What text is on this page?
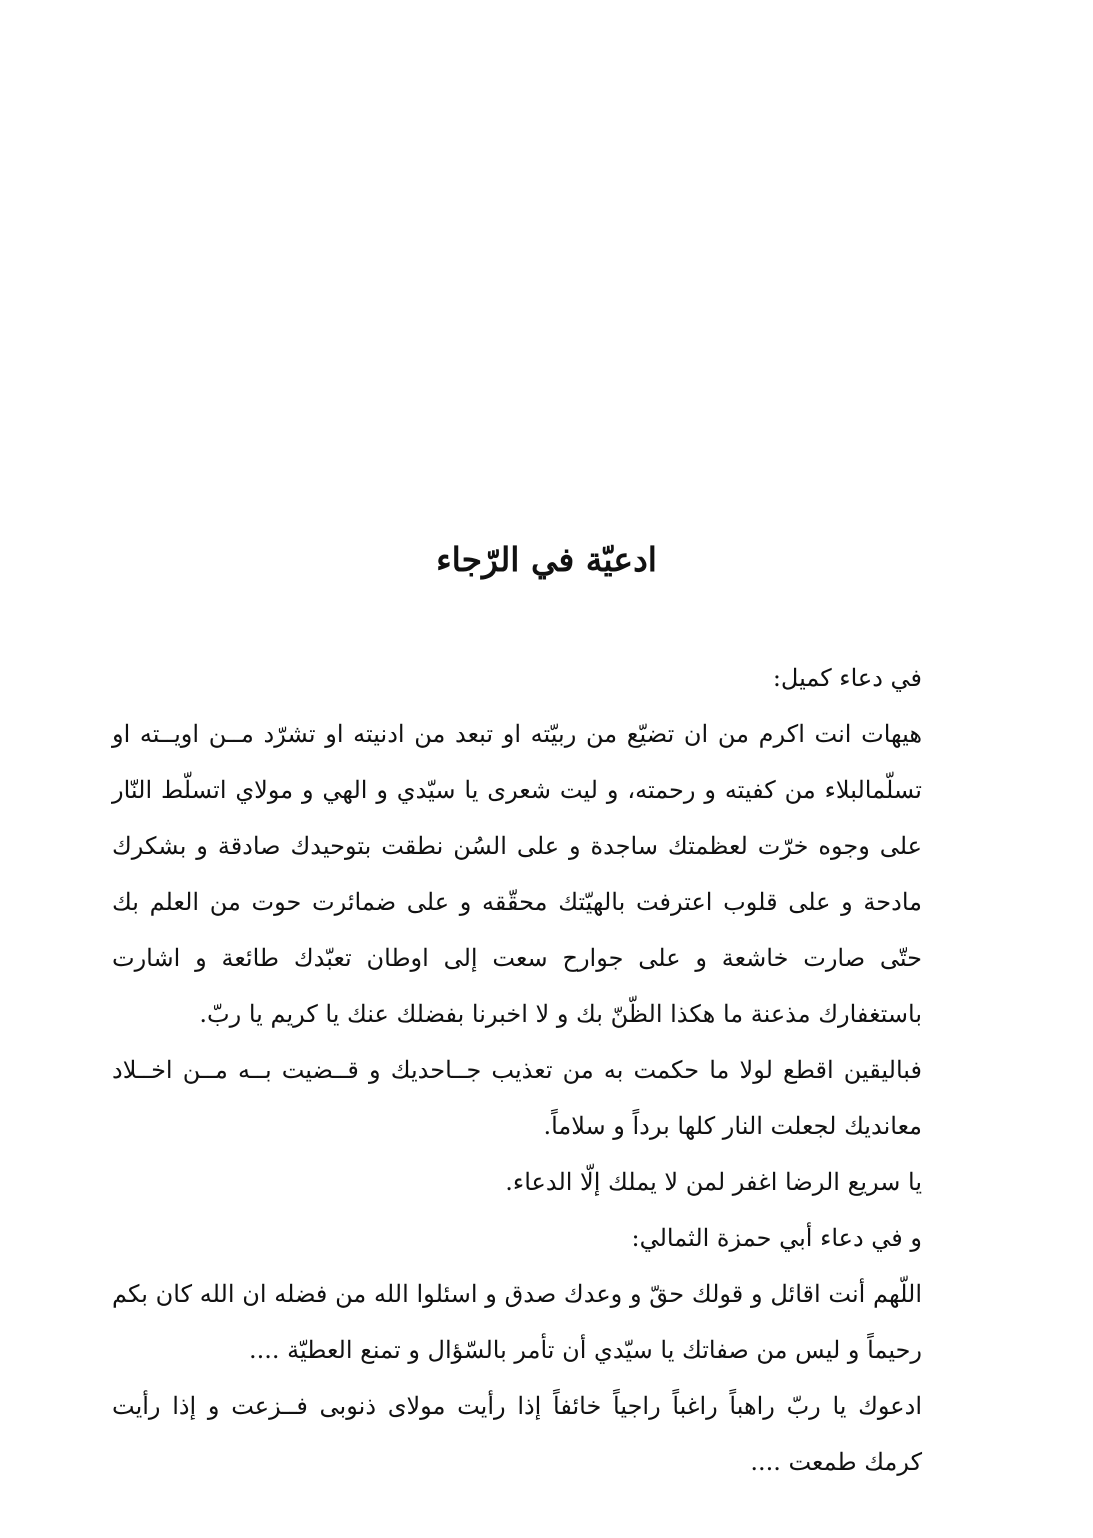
ادعيّة في الرّجاء

في دعاء كميل:

هيهات انت اكرم من ان تضيّع من ربيّته او تبعد من ادنيته او تشرّد مــن اويــته او تسلّمالبلاء من كفيته و رحمته، و ليت شعرى يا سيّدي و الهي و مولاي اتسلّط النّار على وجوه خرّت لعظمتك ساجدة و على السُن نطقت بتوحيدك صادقة و بشكرك مادحة و على قلوب اعترفت بالهيّتك محقّقه و على ضمائرت حوت من العلم بك حتّى صارت خاشعة و على جوارح سعت إلى اوطان تعبّدك طائعة و اشارت باستغفارك مذعنة ما هكذا الظّنّ بك و لا اخبرنا بفضلك عنك يا كريم يا ربّ.

فباليقين اقطع لولا ما حكمت به من تعذيب جــاحديك و قــضيت بــه مــن اخــلاد معانديك لجعلت النار كلها برداً و سلاماً.

يا سريع الرضا اغفر لمن لا يملك إلّا الدعاء.

و في دعاء أبي حمزة الثمالي:

اللّهم أنت اقائل و قولك حقّ و وعدك صدق و اسئلوا الله من فضله ان الله كان بكم رحيماً و ليس من صفاتك يا سيّدي أن تأمر بالسّؤال و تمنع العطيّة ....

ادعوك يا ربّ راهباً راغباً راجياً خائفاً إذا رأيت مولاى ذنوبى فــزعت و إذا رأيت كرمك طمعت ....
